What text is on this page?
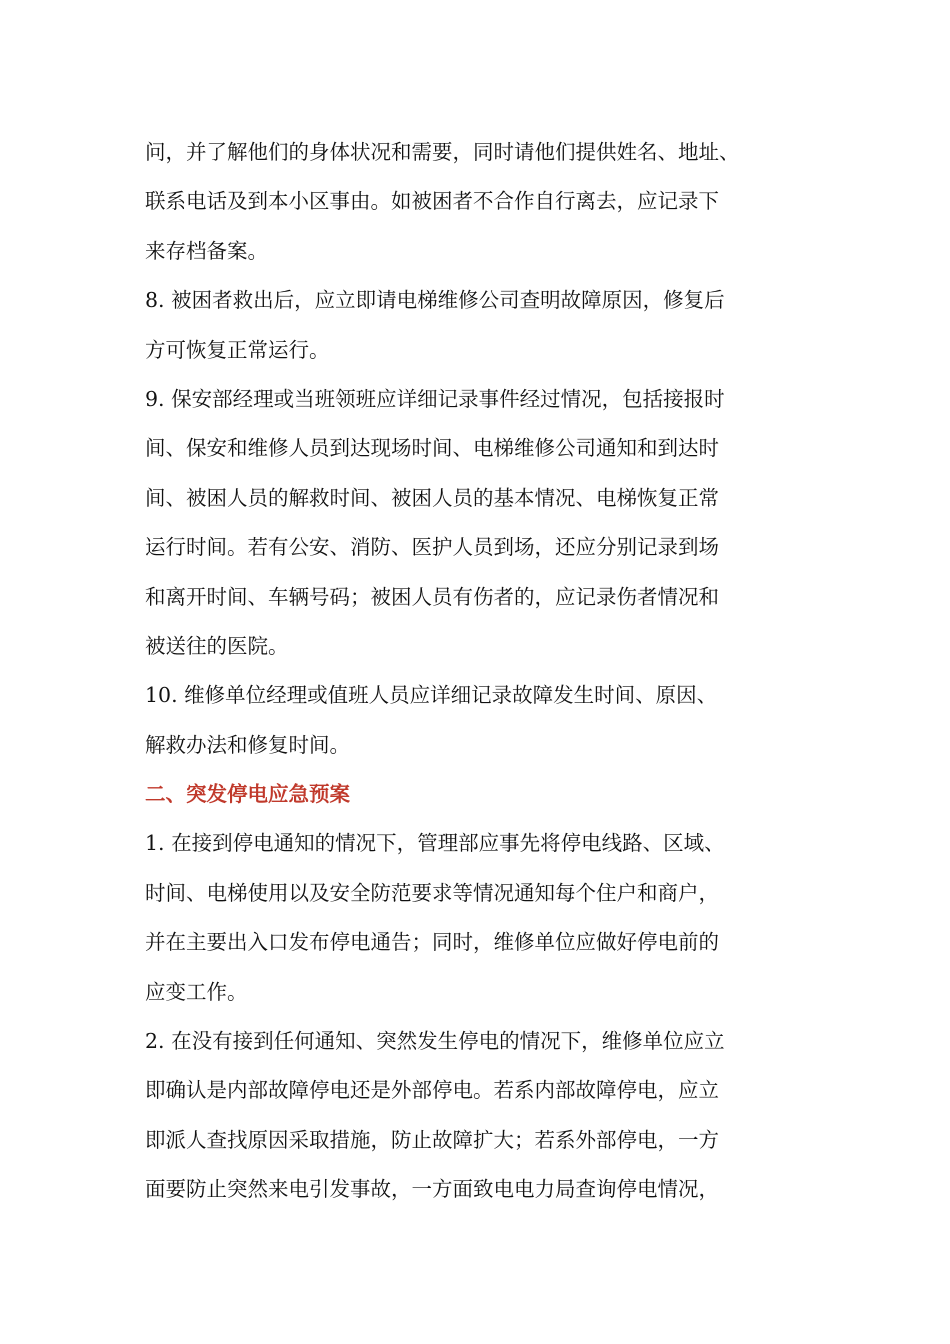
问，并了解他们的身体状况和需要，同时请他们提供姓名、地址、
联系电话及到本小区事由。如被困者不合作自行离去，应记录下
来存档备案。
8. 被困者救出后，应立即请电梯维修公司查明故障原因，修复后
方可恢复正常运行。
9. 保安部经理或当班领班应详细记录事件经过情况，包括接报时
间、保安和维修人员到达现场时间、电梯维修公司通知和到达时
间、被困人员的解救时间、被困人员的基本情况、电梯恢复正常
运行时间。若有公安、消防、医护人员到场，还应分别记录到场
和离开时间、车辆号码；被困人员有伤者的，应记录伤者情况和
被送往的医院。
10. 维修单位经理或值班人员应详细记录故障发生时间、原因、
解救办法和修复时间。
二、突发停电应急预案
1. 在接到停电通知的情况下，管理部应事先将停电线路、区域、
时间、电梯使用以及安全防范要求等情况通知每个住户和商户，
并在主要出入口发布停电通告；同时，维修单位应做好停电前的
应变工作。
2. 在没有接到任何通知、突然发生停电的情况下，维修单位应立
即确认是内部故障停电还是外部停电。若系内部故障停电，应立
即派人查找原因采取措施，防止故障扩大；若系外部停电，一方
面要防止突然来电引发事故，一方面致电电力局查询停电情况，
